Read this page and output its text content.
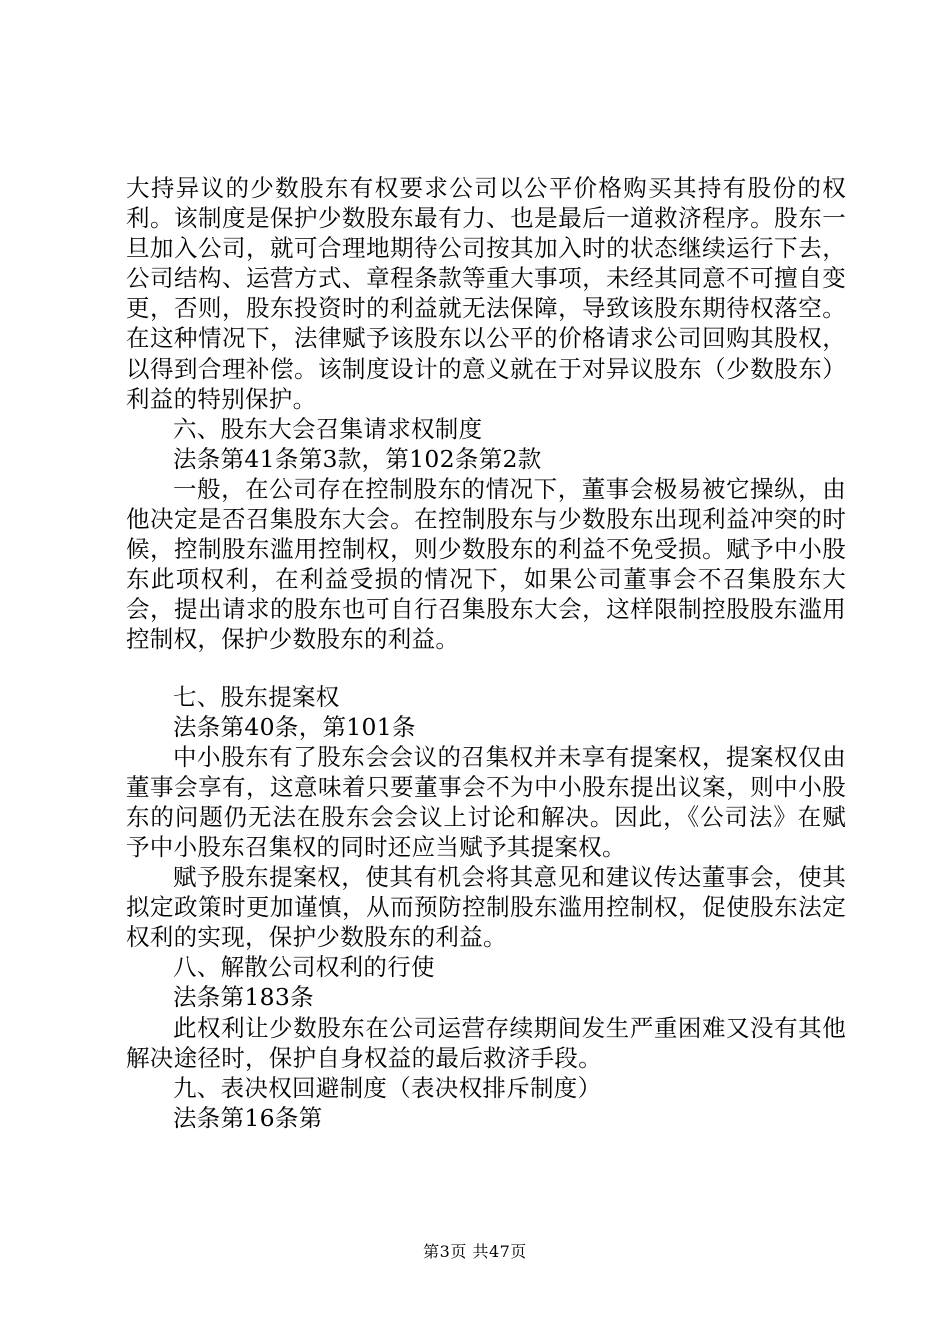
大持异议的少数股东有权要求公司以公平价格购买其持有股份的权利。该制度是保护少数股东最有力、也是最后一道救济程序。股东一旦加入公司，就可合理地期待公司按其加入时的状态继续运行下去，公司结构、运营方式、章程条款等重大事项，未经其同意不可擅自变更，否则，股东投资时的利益就无法保障，导致该股东期待权落空。在这种情况下，法律赋予该股东以公平的价格请求公司回购其股权，以得到合理补偿。该制度设计的意义就在于对异议股东（少数股东）利益的特别保护。

六、股东大会召集请求权制度

法条第41条第3款，第102条第2款

一般，在公司存在控制股东的情况下，董事会极易被它操纵，由他决定是否召集股东大会。在控制股东与少数股东出现利益冲突的时候，控制股东滥用控制权，则少数股东的利益不免受损。赋予中小股东此项权利，在利益受损的情况下，如果公司董事会不召集股东大会，提出请求的股东也可自行召集股东大会，这样限制控股股东滥用控制权，保护少数股东的利益。

七、股东提案权

法条第40条，第101条

中小股东有了股东会会议的召集权并未享有提案权，提案权仅由董事会享有，这意味着只要董事会不为中小股东提出议案，则中小股东的问题仍无法在股东会会议上讨论和解决。因此，《公司法》在赋予中小股东召集权的同时还应当赋予其提案权。

赋予股东提案权，使其有机会将其意见和建议传达董事会，使其拟定政策时更加谨慎，从而预防控制股东滥用控制权，促使股东法定权利的实现，保护少数股东的利益。

八、解散公司权利的行使

法条第183条

此权利让少数股东在公司运营存续期间发生严重困难又没有其他解决途径时，保护自身权益的最后救济手段。

九、表决权回避制度（表决权排斥制度）

法条第16条第

第3页 共47页
